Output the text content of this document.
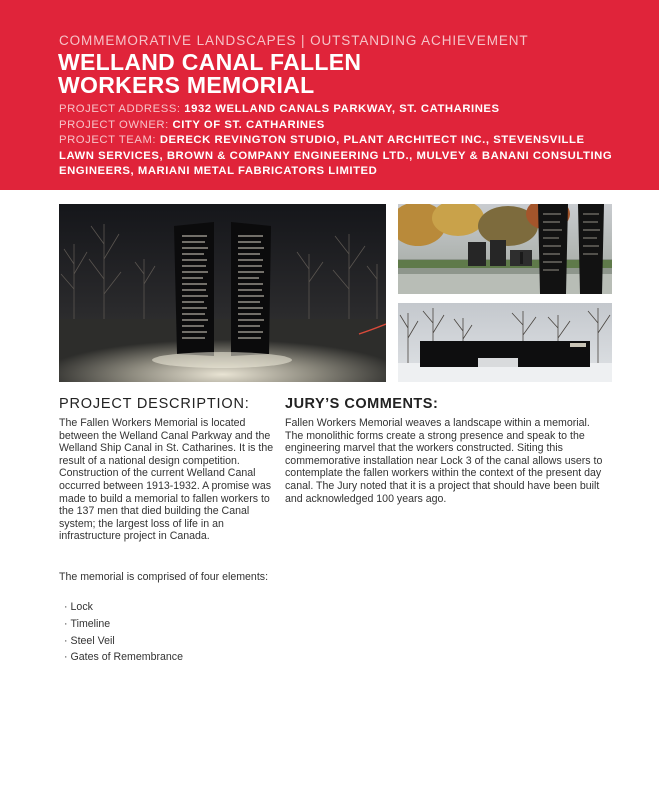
COMMEMORATIVE LANDSCAPES | OUTSTANDING ACHIEVEMENT
WELLAND CANAL FALLEN
WORKERS MEMORIAL
PROJECT ADDRESS: 1932 WELLAND CANALS PARKWAY, ST. CATHARINES
PROJECT OWNER: CITY OF ST. CATHARINES
PROJECT TEAM: DERECK REVINGTON STUDIO, PLANT ARCHITECT INC., STEVENSVILLE LAWN SERVICES, BROWN & COMPANY ENGINEERING LTD., MULVEY & BANANI CONSULTING ENGINEERS, MARIANI METAL FABRICATORS LIMITED
PROJECT DESCRIPTION:

The Fallen Workers Memorial is located between the Welland Canal Parkway and the Welland Ship Canal in St. Catharines. It is the result of a national design competition. Construction of the current Welland Canal occurred between 1913-1932. A promise was made to build a memorial to fallen workers to the 137 men that died building the Canal system; the largest loss of life in an infrastructure project in Canada.

The memorial is comprised of four elements:

· Lock
· Timeline
· Steel Veil
· Gates of Remembrance
JURY’S COMMENTS:

Fallen Workers Memorial weaves a landscape within a memorial. The monolithic forms create a strong presence and speak to the engineering marvel that the workers constructed. Siting this commemorative installation near Lock 3 of the canal allows users to contemplate the fallen workers within the context of the present day canal. The Jury noted that it is a project that should have been built and acknowledged 100 years ago.
